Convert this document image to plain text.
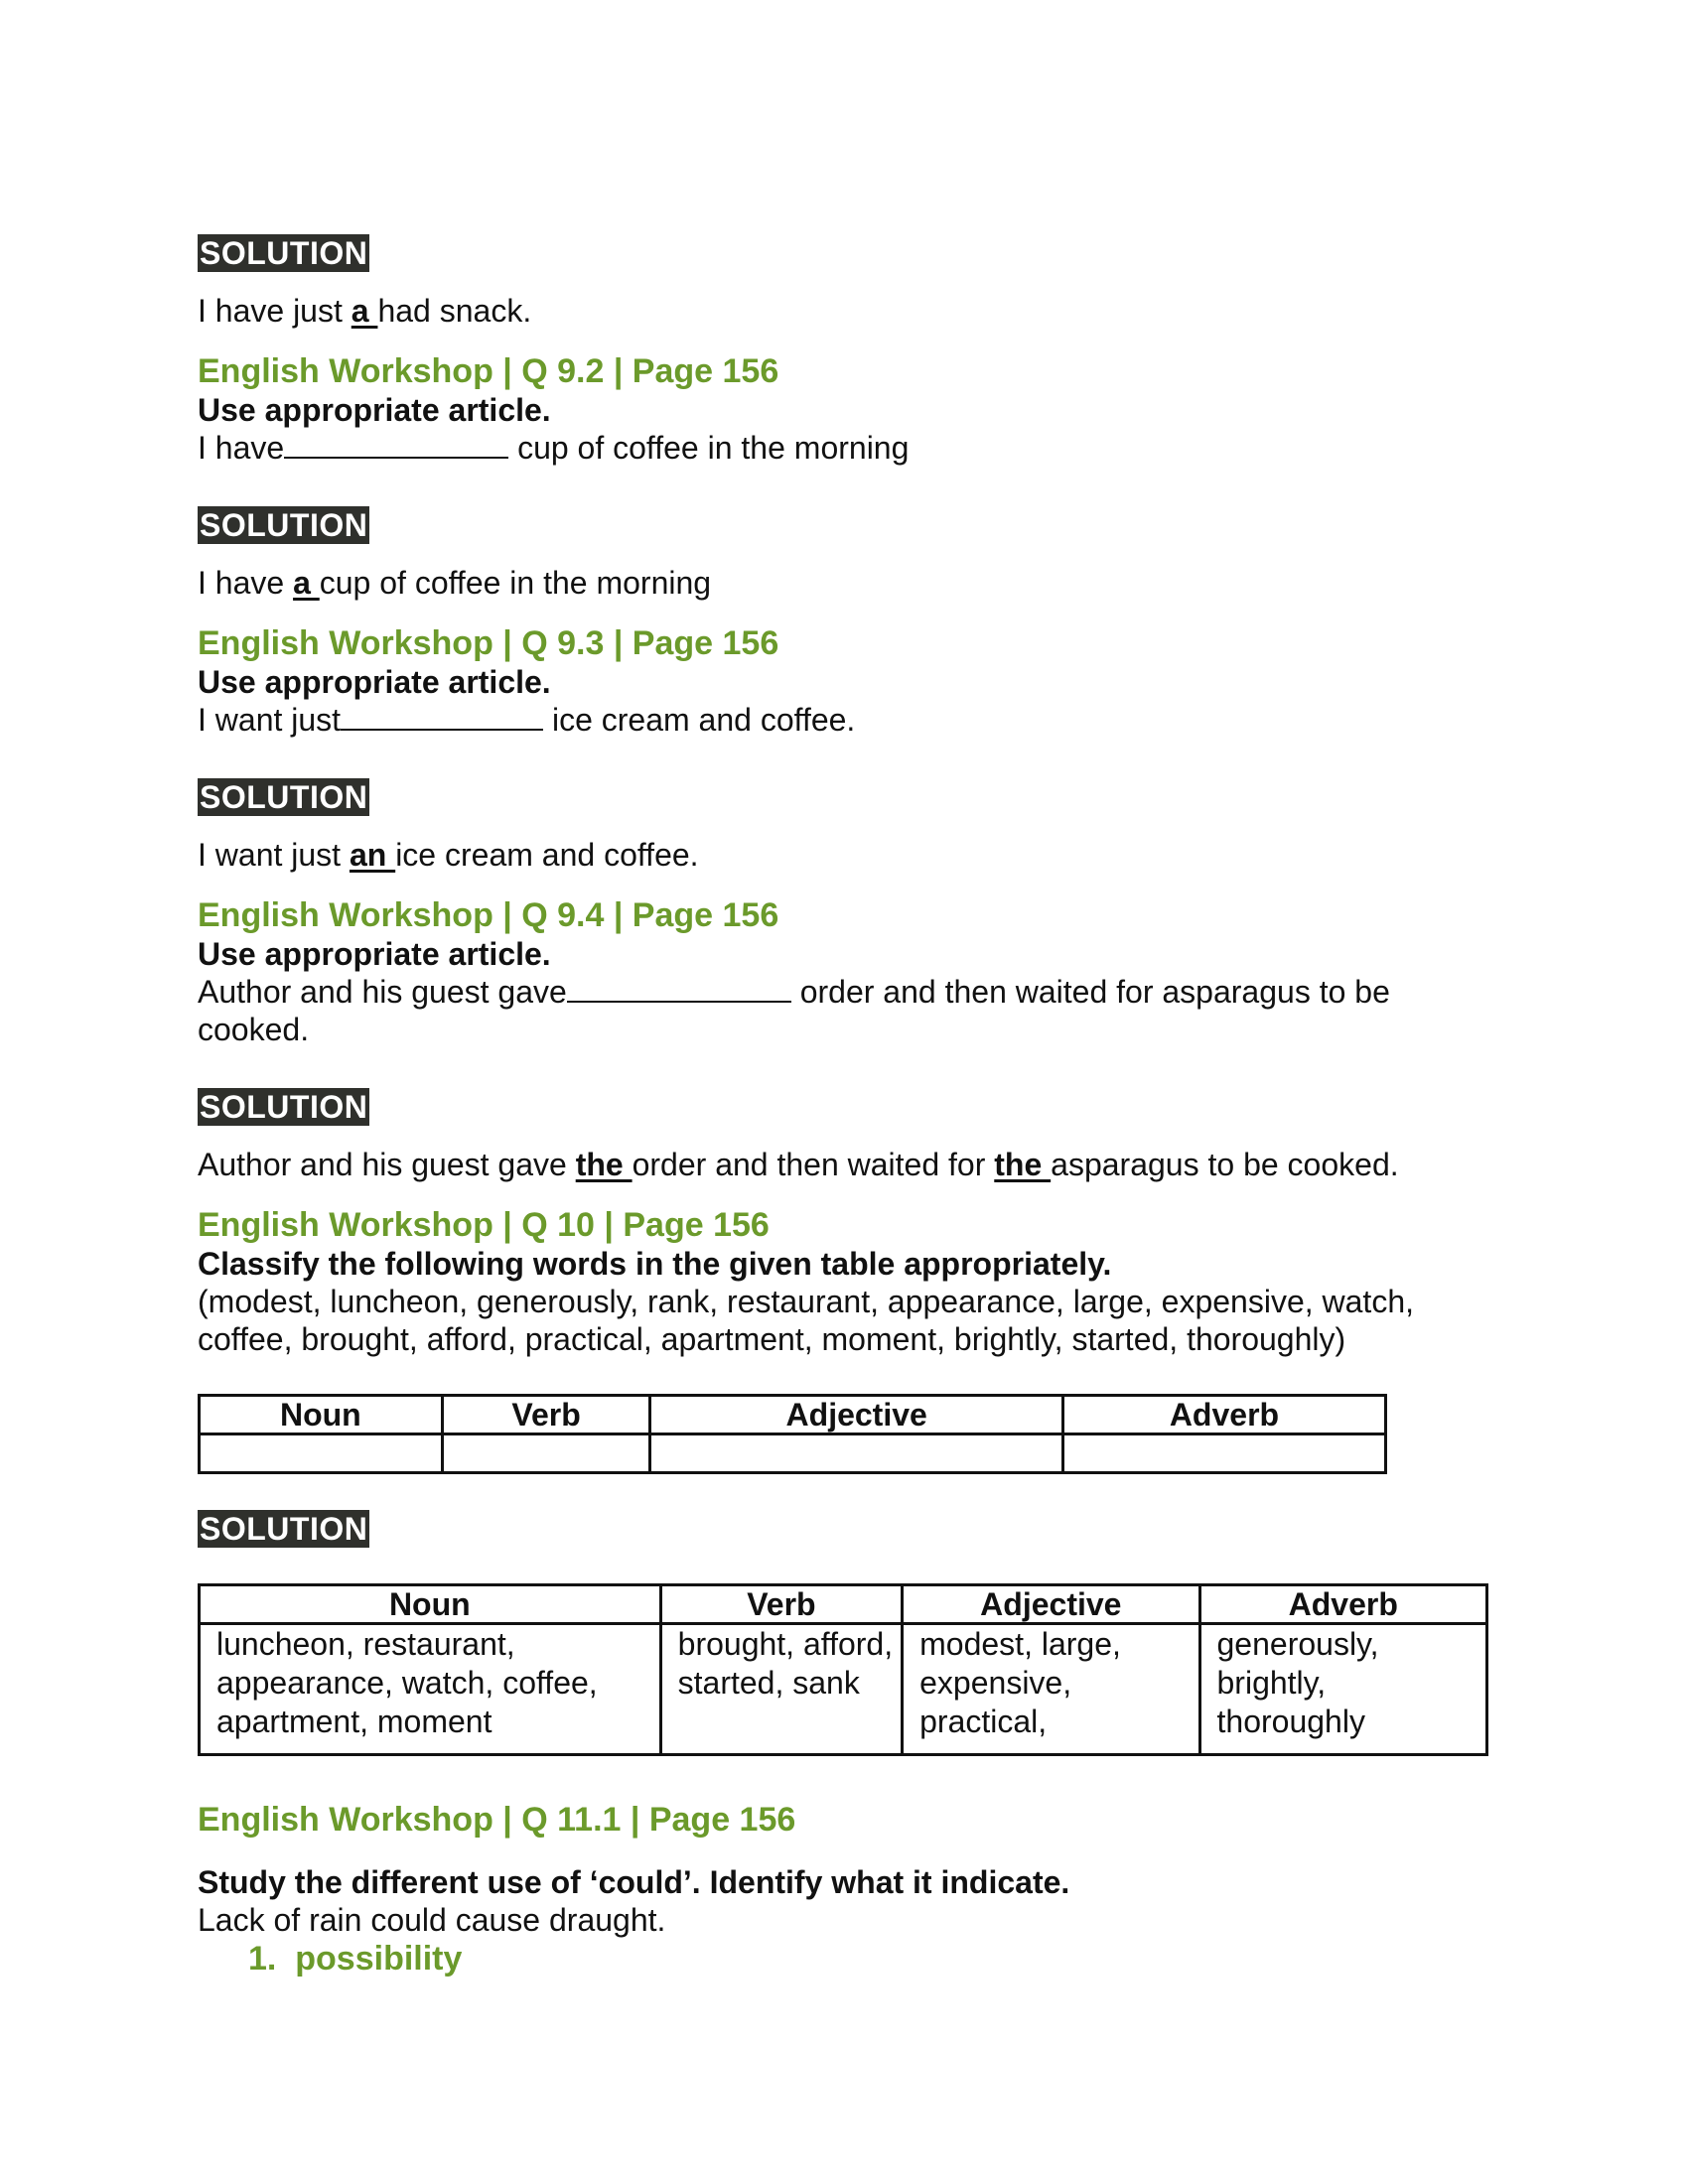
SOLUTION
I have just a had snack.
English Workshop | Q 9.2 | Page 156
Use appropriate article.
I have	cup of coffee in the morning
SOLUTION
I have a cup of coffee in the morning
English Workshop | Q 9.3 | Page 156
Use appropriate article.
I want just	ice cream and coffee.
SOLUTION
I want just an ice cream and coffee.
English Workshop | Q 9.4 | Page 156
Use appropriate article.
Author and his guest gave	order and then waited for asparagus to be cooked.
SOLUTION
Author and his guest gave the order and then waited for the asparagus to be cooked.
English Workshop | Q 10 | Page 156
Classify the following words in the given table appropriately.
(modest, luncheon, generously, rank, restaurant, appearance, large, expensive, watch, coffee, brought, afford, practical, apartment, moment, brightly, started, thoroughly)
Noun	Verb	Adjective	Adverb

SOLUTION
Noun	Verb	Adjective	Adverb
luncheon, restaurant, appearance, watch, coffee, apartment, moment	brought, afford, started, sank	modest, large, expensive, practical,	generously, brightly, thoroughly
English Workshop | Q 11.1 | Page 156
Study the different use of ‘could’. Identify what it indicate.
Lack of rain could cause draught.
1. possibility
